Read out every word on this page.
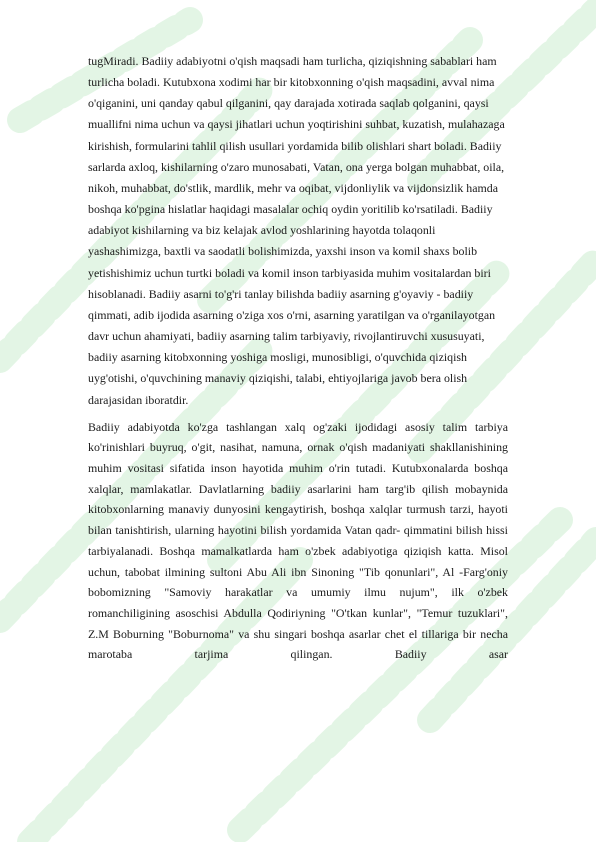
tugMiradi. Badiiy adabiyotni o'qish maqsadi ham turlicha, qiziqishning sabablari ham turlicha boladi. Kutubxona xodimi har bir kitobxonning o'qish maqsadini, avval nima o'qiganini, uni qanday qabul qilganini, qay darajada xotirada saqlab qolganini, qaysi muallifni nima uchun va qaysi jihatlari uchun yoqtirishini suhbat, kuzatish, mulahazaga kirishish, formularini tahlil qilish usullari yordamida bilib olishlari shart boladi. Badiiy sarlarda axloq, kishilarning o'zaro munosabati, Vatan, ona yerga bolgan muhabbat, oila, nikoh, muhabbat, do'stlik, mardlik, mehr va oqibat, vijdonliylik va vijdonsizlik hamda boshqa ko'pgina hislatlar haqidagi masalalar ochiq oydin yoritilib ko'rsatiladi. Badiiy adabiyot kishilarning va biz kelajak avlod yoshlarining hayotda tolaqonli yashashimizga, baxtli va saodatli bolishimizda, yaxshi inson va komil shaxs bolib yetishishimiz uchun turtki boladi va komil inson tarbiyasida muhim vositalardan biri hisoblanadi. Badiiy asarni to'g'ri tanlay bilishda badiiy asarning g'oyaviy - badiiy qimmati, adib ijodida asarning o'ziga xos o'rni, asarning yaratilgan va o'rganilayotgan davr uchun ahamiyati, badiiy asarning talim tarbiyaviy, rivojlantiruvchi xususuyati, badiiy asarning kitobxonning yoshiga mosligi, munosibligi, o'quvchida qiziqish uyg'otishi, o'quvchining manaviy qiziqishi, talabi, ehtiyojlariga javob bera olish darajasidan iboratdir.

Badiiy adabiyotda ko'zga tashlangan xalq og'zaki ijodidagi asosiy talim tarbiya ko'rinishlari buyruq, o'git, nasihat, namuna, ornak o'qish madaniyati shakllanishining muhim vositasi sifatida inson hayotida muhim o'rin tutadi. Kutubxonalarda boshqa xalqlar, mamlakatlar. Davlatlarning badiiy asarlarini ham targ'ib qilish mobaynida kitobxonlarning manaviy dunyosini kengaytirish, boshqa xalqlar turmush tarzi, hayoti bilan tanishtirish, ularning hayotini bilish yordamida Vatan qadr- qimmatini bilish hissi tarbiyalanadi. Boshqa mamalkatlarda ham o'zbek adabiyotiga qiziqish katta. Misol uchun, tabobat ilmining sultoni Abu Ali ibn Sinoning "Tib qonunlari", Al -Farg'oniy bobomizning "Samoviy harakatlar va umumiy ilmu nujum", ilk o'zbek romanchiligining asoschisi Abdulla Qodiriyning "O'tkan kunlar", "Temur tuzuklari", Z.M Boburning "Boburnoma" va shu singari boshqa asarlar chet el tillariga bir necha marotaba tarjima qilingan. Badiiy asar
